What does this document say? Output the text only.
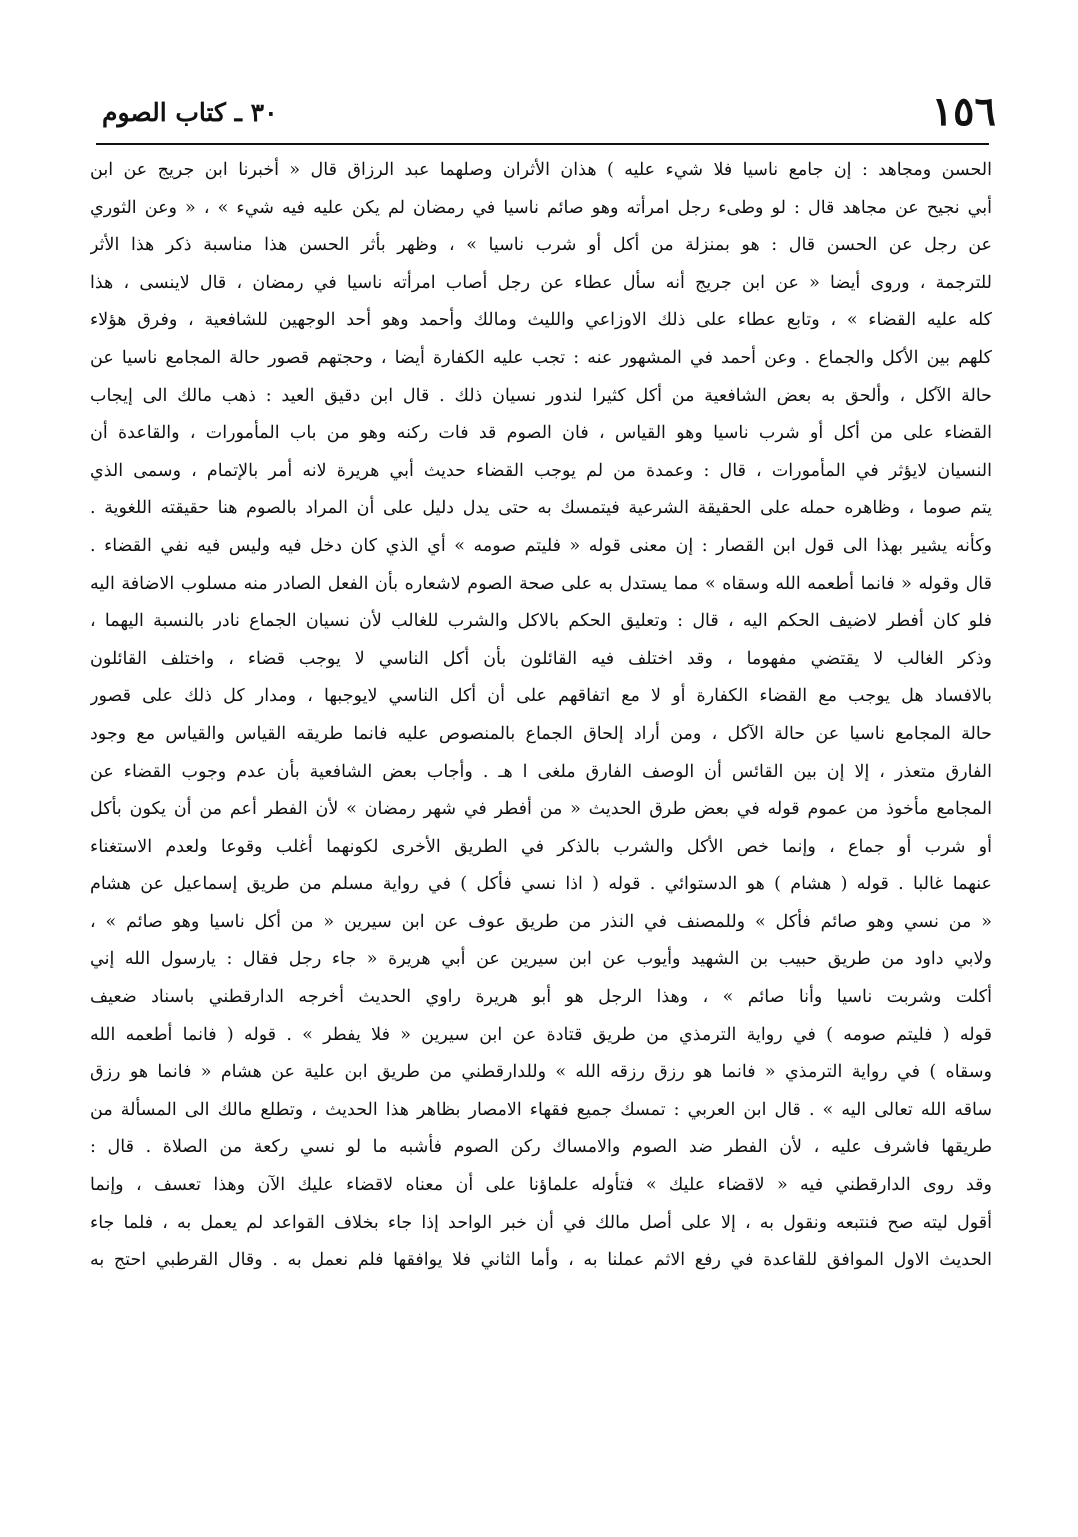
١٥٦
٣٠ ـ كتاب الصوم
الحسن ومجاهد : إن جامع ناسيا فلا شيء عليه ) هذان الأثران وصلهما عبد الرزاق قال « أخبرنا ابن جريج عن ابن
أبي نجيح عن مجاهد قال : لو وطىء رجل امرأته وهو صائم ناسيا في رمضان لم يكن عليه فيه شيء » ، « وعن الثوري
عن رجل عن الحسن قال : هو بمنزلة من أكل أو شرب ناسيا » ، وظهر بأثر الحسن هذا مناسبة ذكر هذا الأثر
للترجمة ، وروى أيضا « عن ابن جريج أنه سأل عطاء عن رجل أصاب امرأته ناسيا في رمضان ، قال لاينسى ، هذا
كله عليه القضاء » ، وتابع عطاء على ذلك الاوزاعي والليث ومالك وأحمد وهو أحد الوجهين للشافعية ، وفرق هؤلاء
كلهم بين الأكل والجماع . وعن أحمد في المشهور عنه : تجب عليه الكفارة أيضا ، وحجتهم قصور حالة المجامع ناسيا عن
حالة الآكل ، وألحق به بعض الشافعية من أكل كثيرا لندور نسيان ذلك . قال ابن دقيق العيد : ذهب مالك الى إيجاب
القضاء على من أكل أو شرب ناسيا وهو القياس ، فان الصوم قد فات ركنه وهو من باب المأمورات ، والقاعدة أن
النسيان لايؤثر في المأمورات ، قال : وعمدة من لم يوجب القضاء حديث أبي هريرة لانه أمر بالإتمام ، وسمى الذي
يتم صوما ، وظاهره حمله على الحقيقة الشرعية فيتمسك به حتى يدل دليل على أن المراد بالصوم هنا حقيقته اللغوية .
وكأنه يشير بهذا الى قول ابن القصار : إن معنى قوله « فليتم صومه » أي الذي كان دخل فيه وليس فيه نفي القضاء .
قال وقوله « فانما أطعمه الله وسقاه » مما يستدل به على صحة الصوم لاشعاره بأن الفعل الصادر منه مسلوب الاضافة اليه
فلو كان أفطر لاضيف الحكم اليه ، قال : وتعليق الحكم بالاكل والشرب للغالب لأن نسيان الجماع نادر بالنسبة اليهما ،
وذكر الغالب لا يقتضي مفهوما ، وقد اختلف فيه القائلون بأن أكل الناسي لا يوجب قضاء ، واختلف القائلون
بالافساد هل يوجب مع القضاء الكفارة أو لا مع اتفاقهم على أن أكل الناسي لايوجبها ، ومدار كل ذلك على قصور
حالة المجامع ناسيا عن حالة الآكل ، ومن أراد إلحاق الجماع بالمنصوص عليه فانما طريقه القياس والقياس مع وجود
الفارق متعذر ، إلا إن بين القائس أن الوصف الفارق ملغى ا هـ . وأجاب بعض الشافعية بأن عدم وجوب القضاء عن
المجامع مأخوذ من عموم قوله في بعض طرق الحديث « من أفطر في شهر رمضان » لأن الفطر أعم من أن يكون بأكل
أو شرب أو جماع ، وإنما خص الأكل والشرب بالذكر في الطريق الأخرى لكونهما أغلب وقوعا ولعدم الاستغناء
عنهما غالبا . قوله ( هشام ) هو الدستوائي . قوله ( اذا نسي فأكل ) في رواية مسلم من طريق إسماعيل عن هشام
« من نسي وهو صائم فأكل » وللمصنف في النذر من طريق عوف عن ابن سيرين « من أكل ناسيا وهو صائم » ،
ولابي داود من طريق حبيب بن الشهيد وأيوب عن ابن سيرين عن أبي هريرة « جاء رجل فقال : يارسول الله إني
أكلت وشربت ناسيا وأنا صائم » ، وهذا الرجل هو أبو هريرة راوي الحديث أخرجه الدارقطني باسناد ضعيف
قوله ( فليتم صومه ) في رواية الترمذي من طريق قتادة عن ابن سيرين « فلا يفطر » . قوله ( فانما أطعمه الله
وسقاه ) في رواية الترمذي « فانما هو رزق رزقه الله » وللدارقطني من طريق ابن علية عن هشام « فانما هو رزق
ساقه الله تعالى اليه » . قال ابن العربي : تمسك جميع فقهاء الامصار بظاهر هذا الحديث ، وتطلع مالك الى المسألة من
طريقها فاشرف عليه ، لأن الفطر ضد الصوم والامساك ركن الصوم فأشبه ما لو نسي ركعة من الصلاة . قال :
وقد روى الدارقطني فيه « لاقضاء عليك » فتأوله علماؤنا على أن معناه لاقضاء عليك الآن وهذا تعسف ، وإنما
أقول ليته صح فنتبعه ونقول به ، إلا على أصل مالك في أن خبر الواحد إذا جاء بخلاف القواعد لم يعمل به ، فلما جاء
الحديث الاول الموافق للقاعدة في رفع الاثم عملنا به ، وأما الثاني فلا يوافقها فلم نعمل به . وقال القرطبي احتج به
